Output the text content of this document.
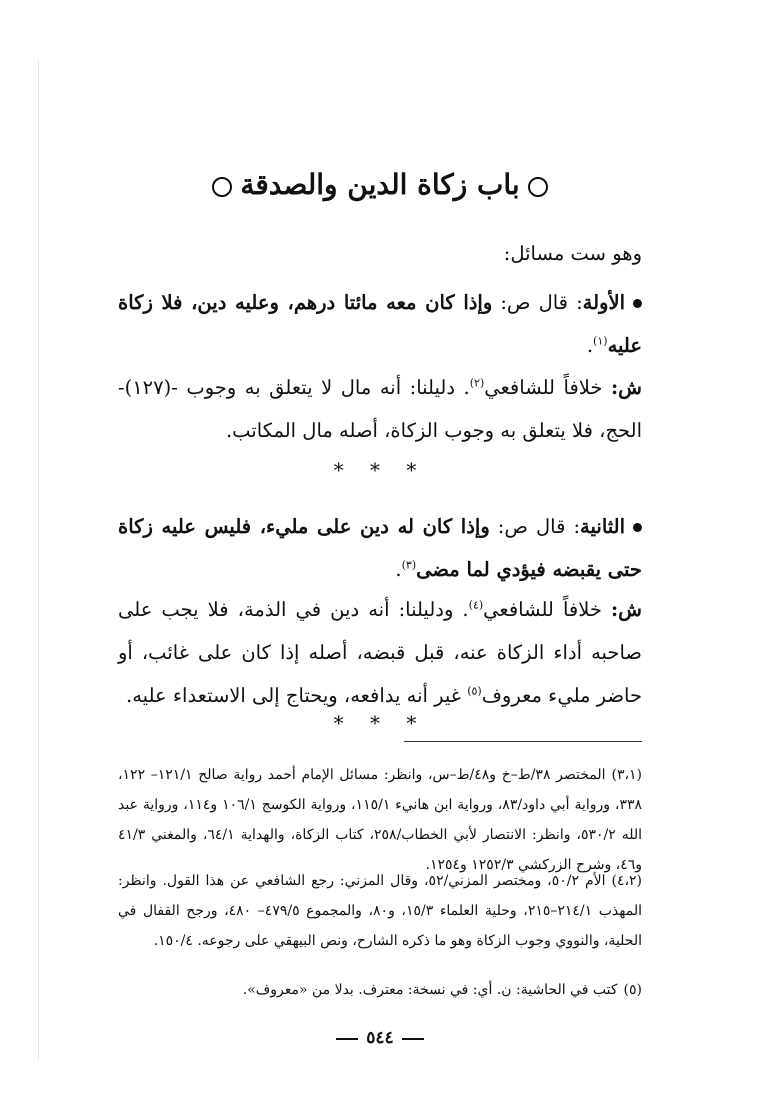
باب زكاة الدين والصدقة
وهو ست مسائل:
الأولة: قال ص: وإذا كان معه مائتا درهم، وعليه دين، فلا زكاة عليه$^{(١)}$.
ش: خلافاً للشافعي$^{(٢)}$. دليلنا: أنه مال لا يتعلق به وجوب -(١٢٧)- الحج، فلا يتعلق به وجوب الزكاة، أصله مال المكاتب.
* * *
الثانية: قال ص: وإذا كان له دين على مليء، فليس عليه زكاة حتى يقبضه فيؤدي لما مضى$^{(٣)}$.
ش: خلافاً للشافعي$^{(٤)}$. ودليلنا: أنه دين في الذمة، فلا يجب على صاحبه أداء الزكاة عنه، قبل قبضه، أصله إذا كان على غائب، أو حاضر مليء معروف$^{(٥)}$ غير أنه يدافعه، ويحتاج إلى الاستعداء عليه.
* * *
(٣،١)المختصر ٣٨/ط–خ و٤٨/ط–س، وانظر: مسائل الإمام أحمد رواية صالح ١٢١/١– ١٢٢، ٣٣٨، ورواية أبي داود/٨٣، ورواية ابن هانيء ١١٥/١، ورواية الكوسج ١٠٦/١ و١١٤، ورواية عبد الله ٥٣٠/٢، وانظر: الانتصار لأبي الخطاب/٢٥٨، كتاب الزكاة، والهداية ٦٤/١، والمغني ٤١/٣ و٤٦، وشرح الزركشي ١٢٥٢/٣ و١٢٥٤.
(٤،٢)الأم ٥٠/٢، ومختصر المزني/٥٢، وقال المزني: رجع الشافعي عن هذا القول. وانظر: المهذب ٢١٤/١–٢١٥، وحلية العلماء ١٥/٣، و٨٠، والمجموع ٤٧٩/٥– ٤٨٠، ورجح القفال في الحلية، والنووي وجوب الزكاة وهو ما ذكره الشارح، ونص البيهقي على رجوعه. ١٥٠/٤.
(٥)كتب في الحاشية: ن. أي: في نسخة: معترف. بدلا من «معروف».
٥٤٤
